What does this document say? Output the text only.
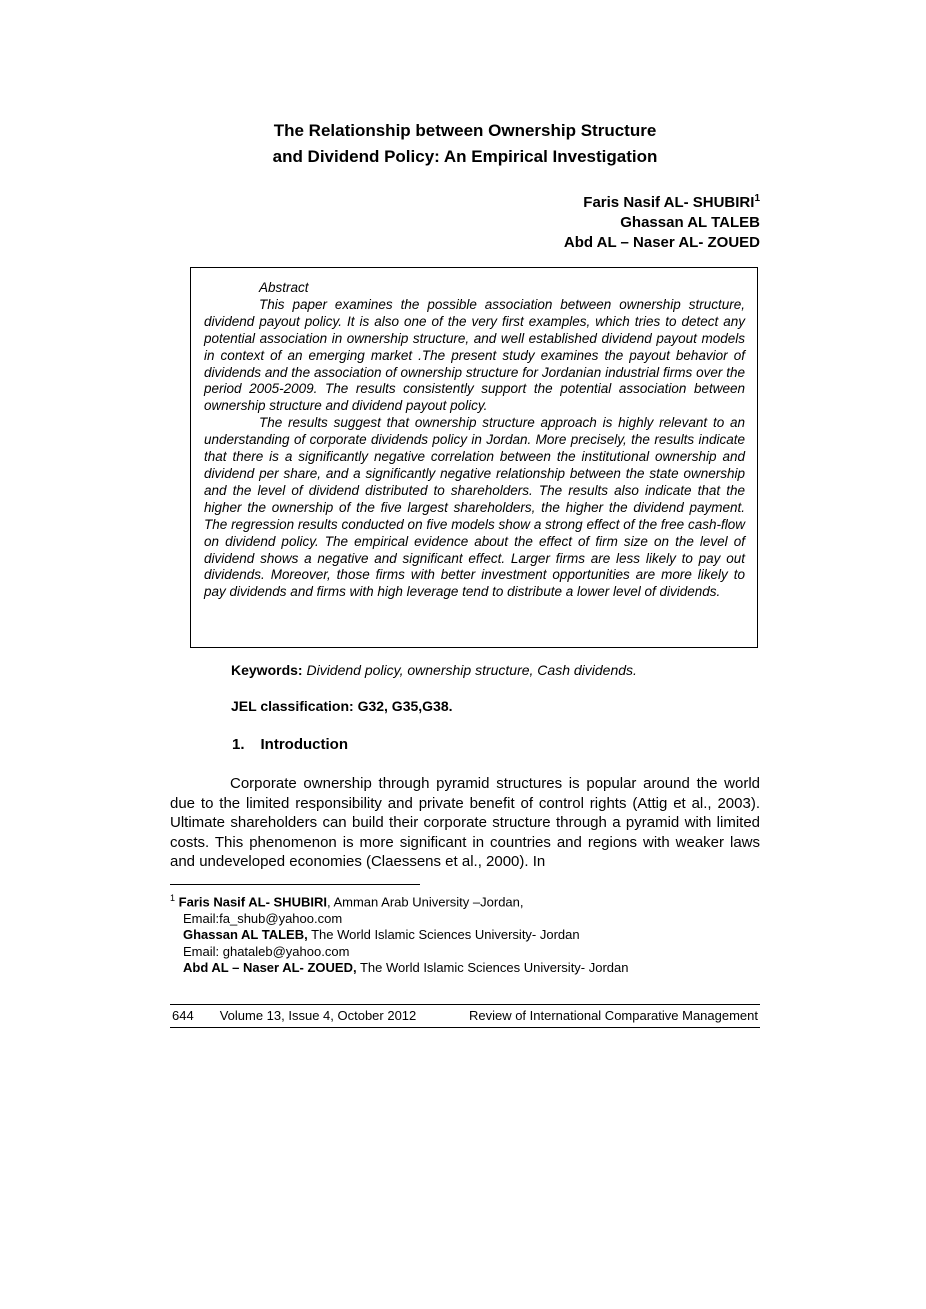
The Relationship between Ownership Structure
and Dividend Policy: An Empirical Investigation
Faris Nasif AL- SHUBIRI$^1$
Ghassan AL TALEB
Abd AL – Naser AL- ZOUED
Abstract

This paper examines the possible association between ownership structure, dividend payout policy. It is also one of the very first examples, which tries to detect any potential association in ownership structure, and well established dividend payout models in context of an emerging market .The present study examines the payout behavior of dividends and the association of ownership structure for Jordanian industrial firms over the period 2005-2009. The results consistently support the potential association between ownership structure and dividend payout policy.

The results suggest that ownership structure approach is highly relevant to an understanding of corporate dividends policy in Jordan. More precisely, the results indicate that there is a significantly negative correlation between the institutional ownership and dividend per share, and a significantly negative relationship between the state ownership and the level of dividend distributed to shareholders. The results also indicate that the higher the ownership of the five largest shareholders, the higher the dividend payment. The regression results conducted on five models show a strong effect of the free cash-flow on dividend policy. The empirical evidence about the effect of firm size on the level of dividend shows a negative and significant effect. Larger firms are less likely to pay out dividends. Moreover, those firms with better investment opportunities are more likely to pay dividends and firms with high leverage tend to distribute a lower level of dividends.

Keywords: Dividend policy, ownership structure, Cash dividends.
JEL classification: G32, G35,G38.
1. Introduction
Corporate ownership through pyramid structures is popular around the world due to the limited responsibility and private benefit of control rights (Attig et al., 2003). Ultimate shareholders can build their corporate structure through a pyramid with limited costs. This phenomenon is more significant in countries and regions with weaker laws and undeveloped economies (Claessens et al., 2000). In
$^1$ Faris Nasif AL- SHUBIRI, Amman Arab University –Jordan,
Email:fa_shub@yahoo.com
Ghassan AL TALEB, The World Islamic Sciences University- Jordan
Email: ghataleb@yahoo.com
Abd AL – Naser AL- ZOUED, The World Islamic Sciences University- Jordan
644 Volume 13, Issue 4, October 2012	Review of International Comparative Management
